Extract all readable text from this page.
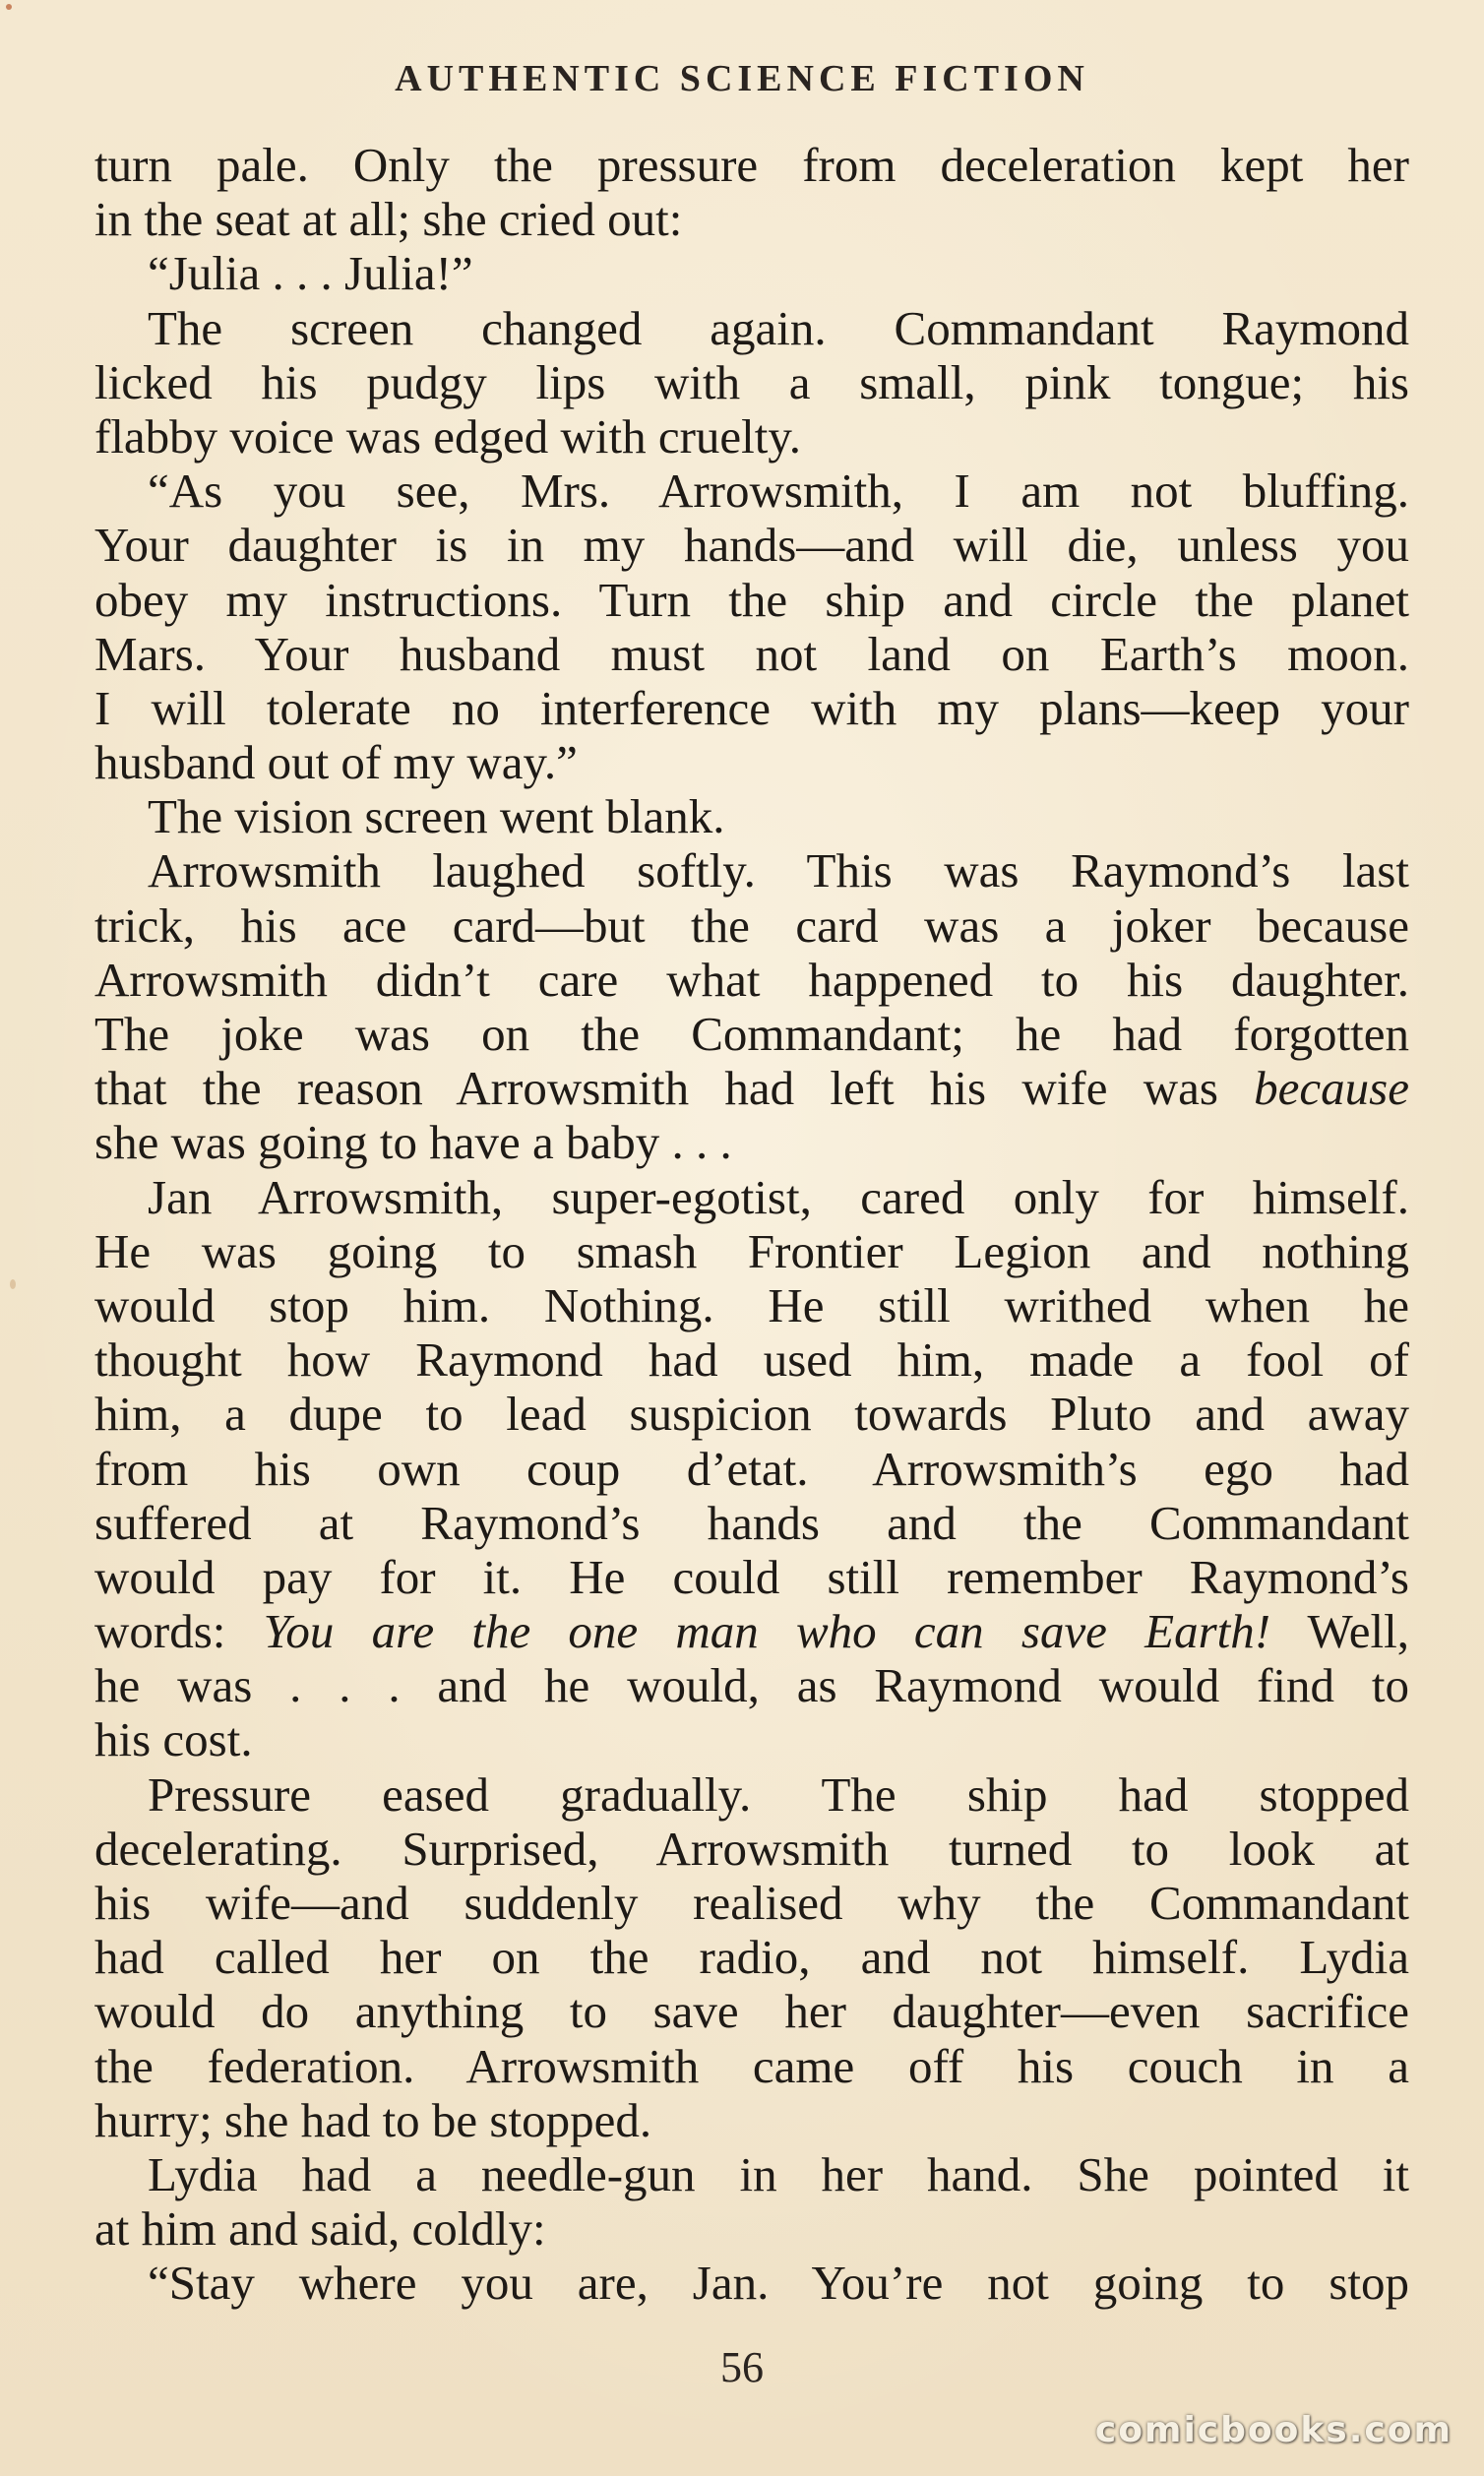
AUTHENTIC SCIENCE FICTION
turn pale. Only the pressure from deceleration kept her
in the seat at all; she cried out:
“Julia . . . Julia!”
The screen changed again. Commandant Raymond
licked his pudgy lips with a small, pink tongue; his
flabby voice was edged with cruelty.
“As you see, Mrs. Arrowsmith, I am not bluffing.
Your daughter is in my hands—and will die, unless you
obey my instructions. Turn the ship and circle the planet
Mars. Your husband must not land on Earth’s moon.
I will tolerate no interference with my plans—keep your
husband out of my way.”
The vision screen went blank.
Arrowsmith laughed softly. This was Raymond’s last
trick, his ace card—but the card was a joker because
Arrowsmith didn’t care what happened to his daughter.
The joke was on the Commandant; he had forgotten
that the reason Arrowsmith had left his wife was because
she was going to have a baby . . .
Jan Arrowsmith, super-egotist, cared only for himself.
He was going to smash Frontier Legion and nothing
would stop him. Nothing. He still writhed when he
thought how Raymond had used him, made a fool of
him, a dupe to lead suspicion towards Pluto and away
from his own coup d’etat. Arrowsmith’s ego had
suffered at Raymond’s hands and the Commandant
would pay for it. He could still remember Raymond’s
words: You are the one man who can save Earth! Well,
he was . . . and he would, as Raymond would find to
his cost.
Pressure eased gradually. The ship had stopped
decelerating. Surprised, Arrowsmith turned to look at
his wife—and suddenly realised why the Commandant
had called her on the radio, and not himself. Lydia
would do anything to save her daughter—even sacrifice
the federation. Arrowsmith came off his couch in a
hurry; she had to be stopped.
Lydia had a needle-gun in her hand. She pointed it
at him and said, coldly:
“Stay where you are, Jan. You’re not going to stop
56
comicbooks.com
